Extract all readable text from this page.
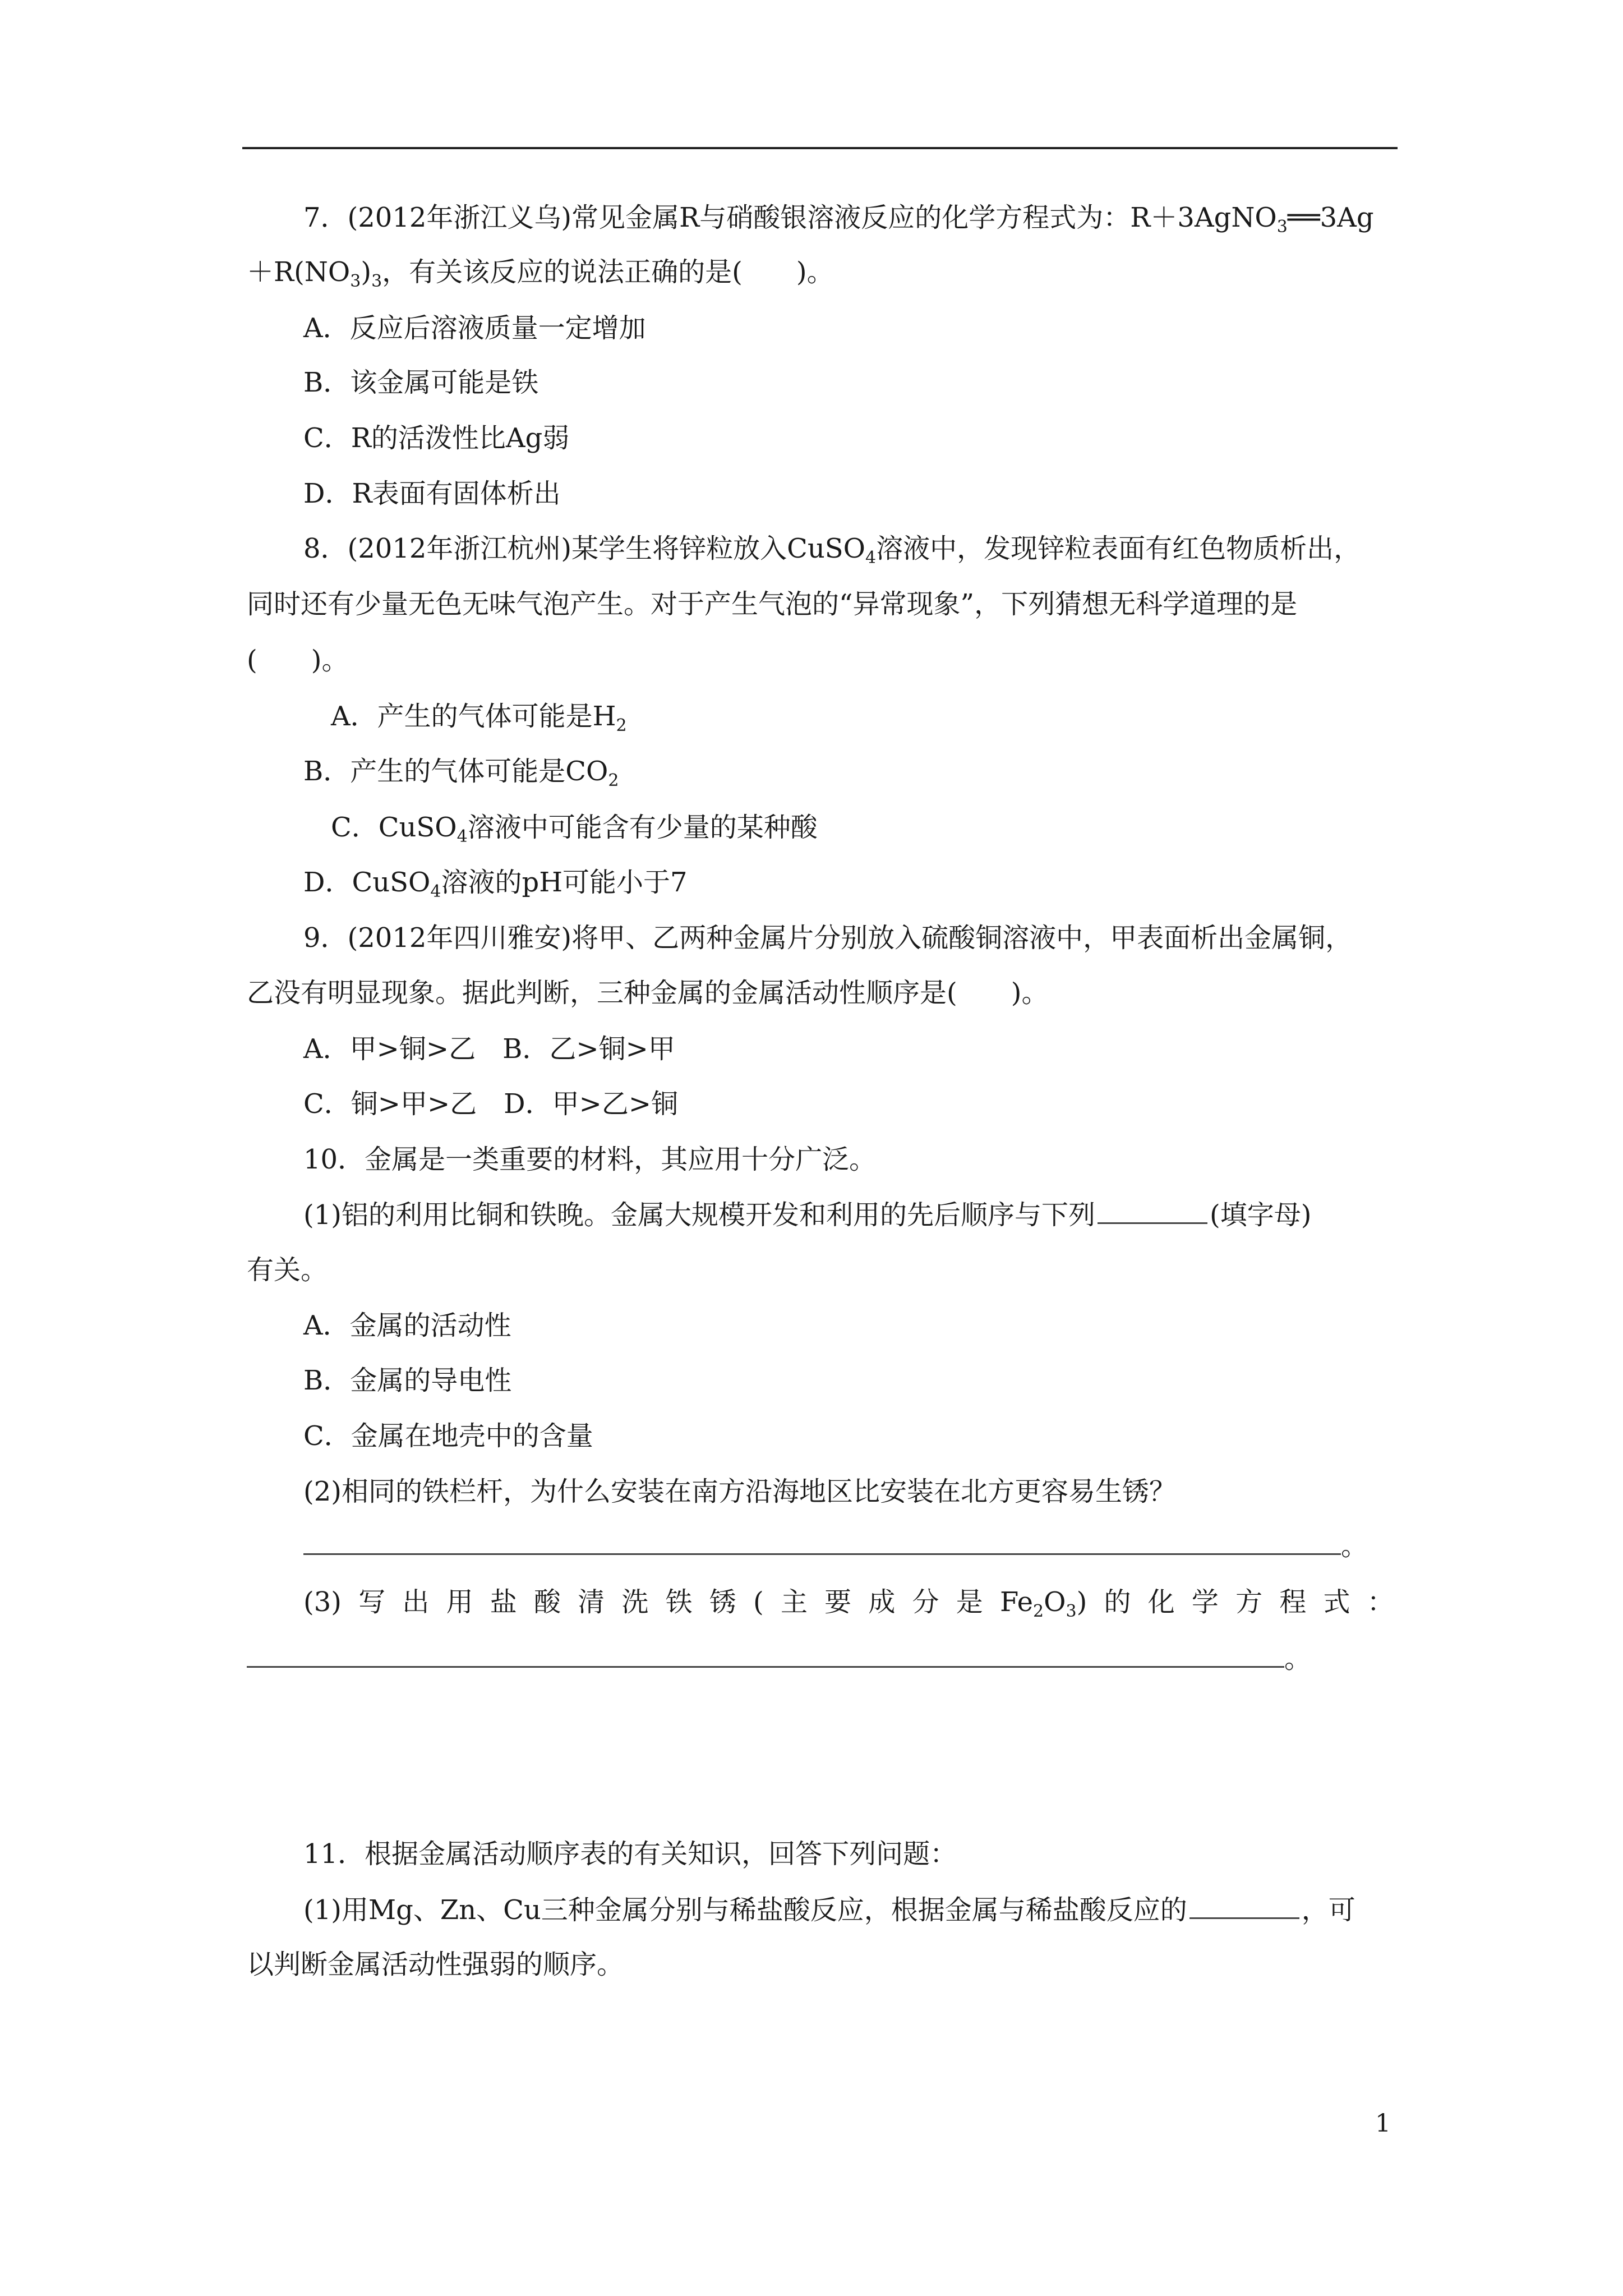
7．(2012年浙江义乌)常见金属R与硝酸银溶液反应的化学方程式为：R＋3AgNO$_3$══3Ag

$+R(NO_3)_3$，有关该反应的说法正确的是(　　)。

A．反应后溶液质量一定增加

B．该金属可能是铁

C．R的活泼性比Ag弱

D．R表面有固体析出

8．(2012年浙江杭州)某学生将锌粒放入CuSO$_4$溶液中，发现锌粒表面有红色物质析出，

同时还有少量无色无味气泡产生。对于产生气泡的“异常现象”，下列猜想无科学道理的是

(　　)。

A．产生的气体可能是$H_2$

B．产生的气体可能是$CO_2$

C．CuSO$_4$溶液中可能含有少量的某种酸

D．CuSO$_4$溶液的pH可能小于7

9．(2012年四川雅安)将甲、乙两种金属片分别放入硫酸铜溶液中，甲表面析出金属铜，

乙没有明显现象。据此判断，三种金属的金属活动性顺序是(　　)。

A．甲>铜>乙　B．乙>铜>甲

C．铜>甲>乙　D．甲>乙>铜

10．金属是一类重要的材料，其应用十分广泛。

(1)铝的利用比铜和铁晚。金属大规模开发和利用的先后顺序与下列	(填字母)

有关。

A．金属的活动性

B．金属的导电性

C．金属在地壳中的含量

(2)相同的铁栏杆，为什么安装在南方沿海地区比安装在北方更容易生锈？

。

(3) 写 出 用 盐 酸 清 洗 铁 锈 ( 主 要 成 分 是 $Fe_2O_3$) 的 化 学 方 程 式 ：

。

11．根据金属活动顺序表的有关知识，回答下列问题：

(1)用Mg、Zn、Cu三种金属分别与稀盐酸反应，根据金属与稀盐酸反应的	，可

以判断金属活动性强弱的顺序。

1
